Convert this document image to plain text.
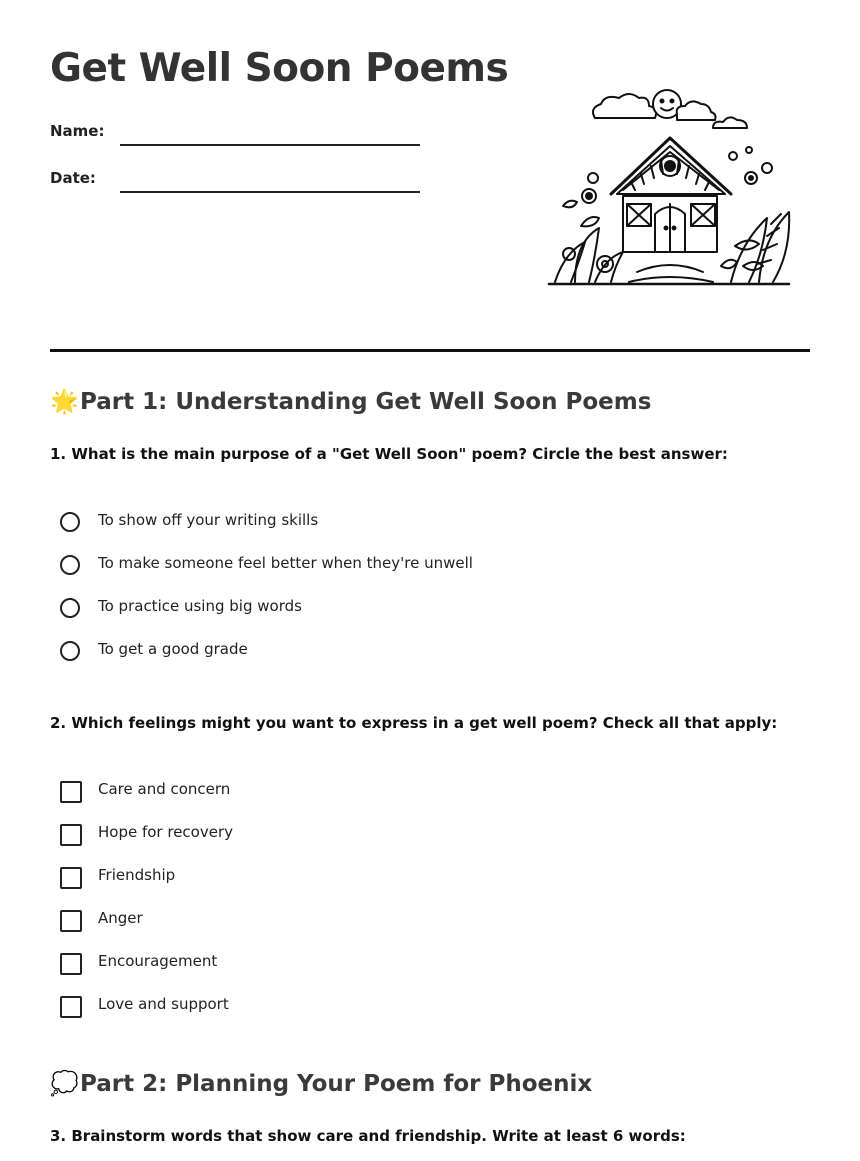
Get Well Soon Poems
Name:
Date:
🌟Part 1: Understanding Get Well Soon Poems

1. What is the main purpose of a "Get Well Soon" poem? Circle the best answer:

To show off your writing skills
To make someone feel better when they're unwell
To practice using big words
To get a good grade

2. Which feelings might you want to express in a get well poem? Check all that apply:

Care and concern
Hope for recovery
Friendship
Anger
Encouragement
Love and support
💭Part 2: Planning Your Poem for Phoenix

3. Brainstorm words that show care and friendship. Write at least 6 words:
